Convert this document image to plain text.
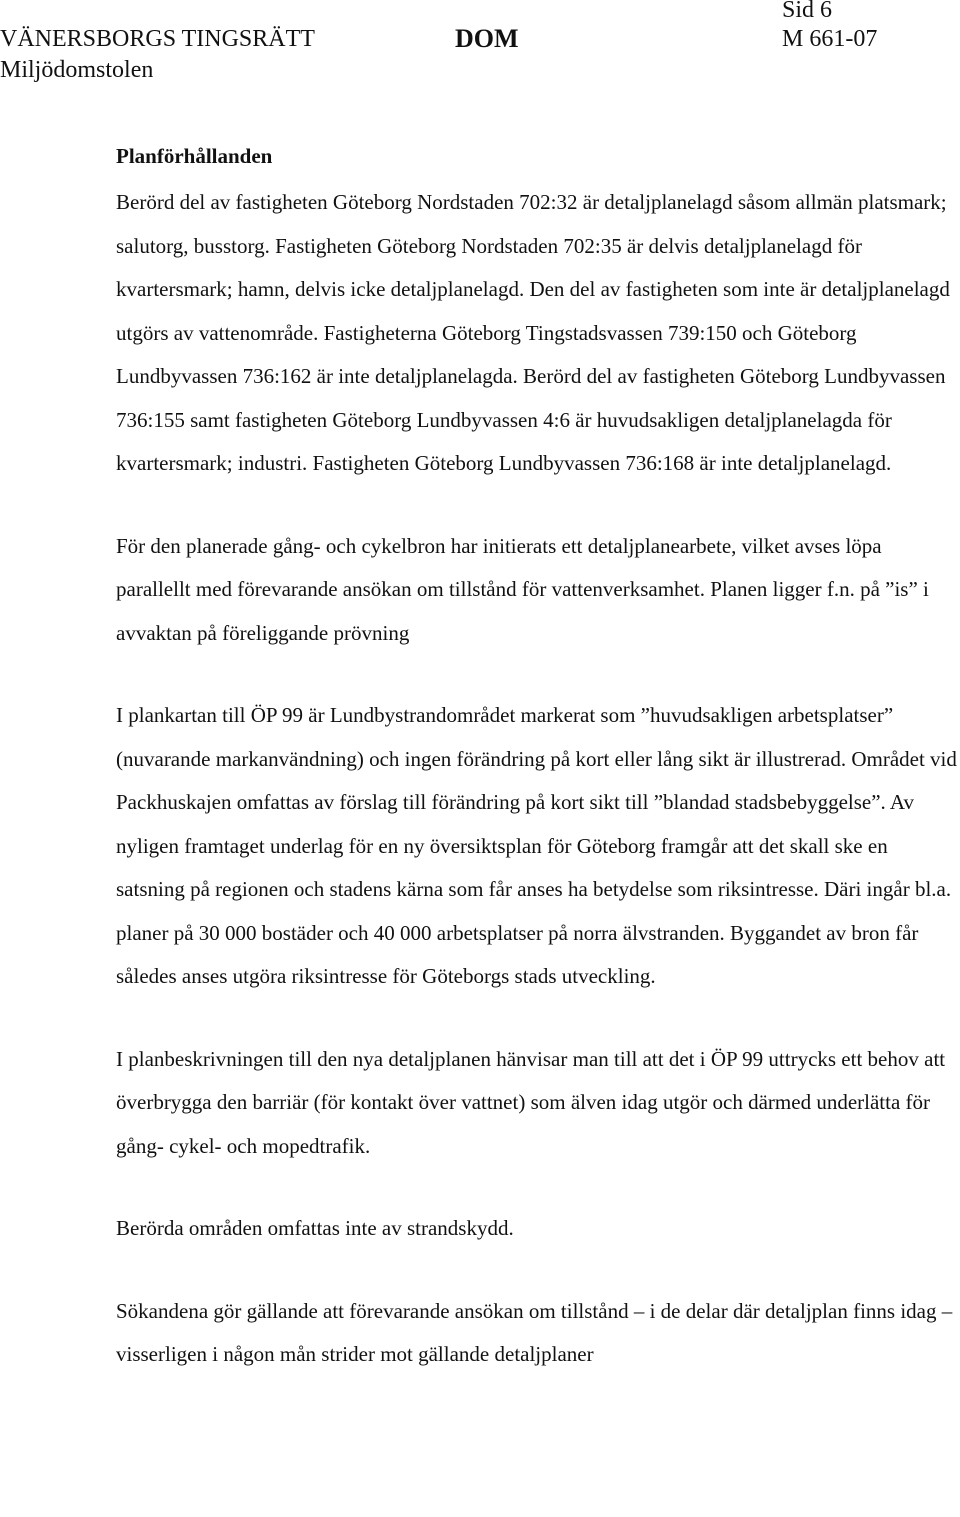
VÄNERSBORGS TINGSRÄTT
Miljödomstolen
DOM
Sid 6
M 661-07
Planförhållanden

Berörd del av fastigheten Göteborg Nordstaden 702:32 är detaljplanelagd såsom allmän platsmark; salutorg, busstorg. Fastigheten Göteborg Nordstaden 702:35 är delvis detaljplanelagd för kvartersmark; hamn, delvis icke detaljplanelagd. Den del av fastigheten som inte är detaljplanelagd utgörs av vattenområde. Fastigheterna Göteborg Tingstadsvassen 739:150 och Göteborg Lundbyvassen 736:162 är inte detaljplanelagda. Berörd del av fastigheten Göteborg Lundbyvassen 736:155 samt fastigheten Göteborg Lundbyvassen 4:6 är huvudsakligen detaljplanelagda för kvartersmark; industri. Fastigheten Göteborg Lundbyvassen 736:168 är inte detaljplanelagd.

För den planerade gång- och cykelbron har initierats ett detaljplanearbete, vilket avses löpa parallellt med förevarande ansökan om tillstånd för vattenverksamhet. Planen ligger f.n. på ”is” i avvaktan på föreliggande prövning

I plankartan till ÖP 99 är Lundbystrandområdet markerat som ”huvudsakligen arbetsplatser” (nuvarande markanvändning) och ingen förändring på kort eller lång sikt är illustrerad. Området vid Packhuskajen omfattas av förslag till förändring på kort sikt till ”blandad stadsbebyggelse”. Av nyligen framtaget underlag för en ny översiktsplan för Göteborg framgår att det skall ske en satsning på regionen och stadens kärna som får anses ha betydelse som riksintresse. Däri ingår bl.a. planer på 30 000 bostäder och 40 000 arbetsplatser på norra älvstranden. Byggandet av bron får således anses utgöra riksintresse för Göteborgs stads utveckling.

I planbeskrivningen till den nya detaljplanen hänvisar man till att det i ÖP 99 uttrycks ett behov att överbrygga den barriär (för kontakt över vattnet) som älven idag utgör och därmed underlätta för gång- cykel- och mopedtrafik.

Berörda områden omfattas inte av strandskydd.

Sökandena gör gällande att förevarande ansökan om tillstånd – i de delar där detaljplan finns idag – visserligen i någon mån strider mot gällande detaljplaner
